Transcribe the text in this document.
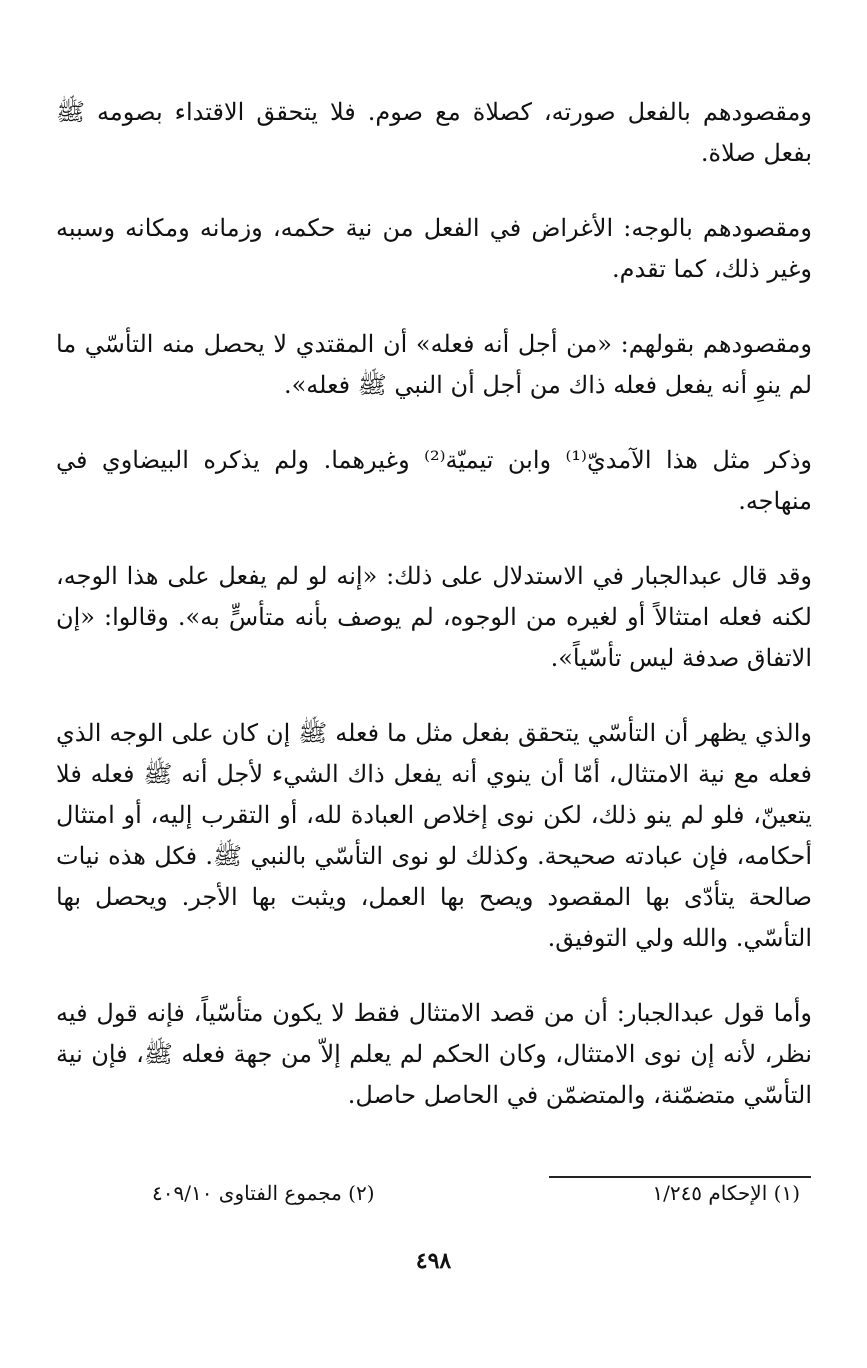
ومقصودهم بالفعل صورته، كصلاة مع صوم. فلا يتحقق الاقتداء بصومه ﷺ بفعل صلاة.

ومقصودهم بالوجه: الأغراض في الفعل من نية حكمه، وزمانه ومكانه وسببه وغير ذلك، كما تقدم.

ومقصودهم بقولهم: «من أجل أنه فعله» أن المقتدي لا يحصل منه التأسّي ما لم ينوِ أنه يفعل فعله ذاك من أجل أن النبي ﷺ فعله».

وذكر مثل هذا الآمديّ⁽¹⁾ وابن تيميّة⁽²⁾ وغيرهما. ولم يذكره البيضاوي في منهاجه.

وقد قال عبدالجبار في الاستدلال على ذلك: «إنه لو لم يفعل على هذا الوجه، لكنه فعله امتثالاً أو لغيره من الوجوه، لم يوصف بأنه متأسٍّ به». وقالوا: «إن الاتفاق صدفة ليس تأسّياً».

والذي يظهر أن التأسّي يتحقق بفعل مثل ما فعله ﷺ إن كان على الوجه الذي فعله مع نية الامتثال، أمّا أن ينوي أنه يفعل ذاك الشيء لأجل أنه ﷺ فعله فلا يتعينّ، فلو لم ينو ذلك، لكن نوى إخلاص العبادة لله، أو التقرب إليه، أو امتثال أحكامه، فإن عبادته صحيحة. وكذلك لو نوى التأسّي بالنبي ﷺ. فكل هذه نيات صالحة يتأدّى بها المقصود ويصح بها العمل، ويثبت بها الأجر. ويحصل بها التأسّي. والله ولي التوفيق.

وأما قول عبدالجبار: أن من قصد الامتثال فقط لا يكون متأسّياً، فإنه قول فيه نظر، لأنه إن نوى الامتثال، وكان الحكم لم يعلم إلاّ من جهة فعله ﷺ، فإن نية التأسّي متضمّنة، والمتضمّن في الحاصل حاصل.

(١) الإحكام ١/٢٤٥
(٢) مجموع الفتاوى ٤٠٩/١٠
٤٩٨
